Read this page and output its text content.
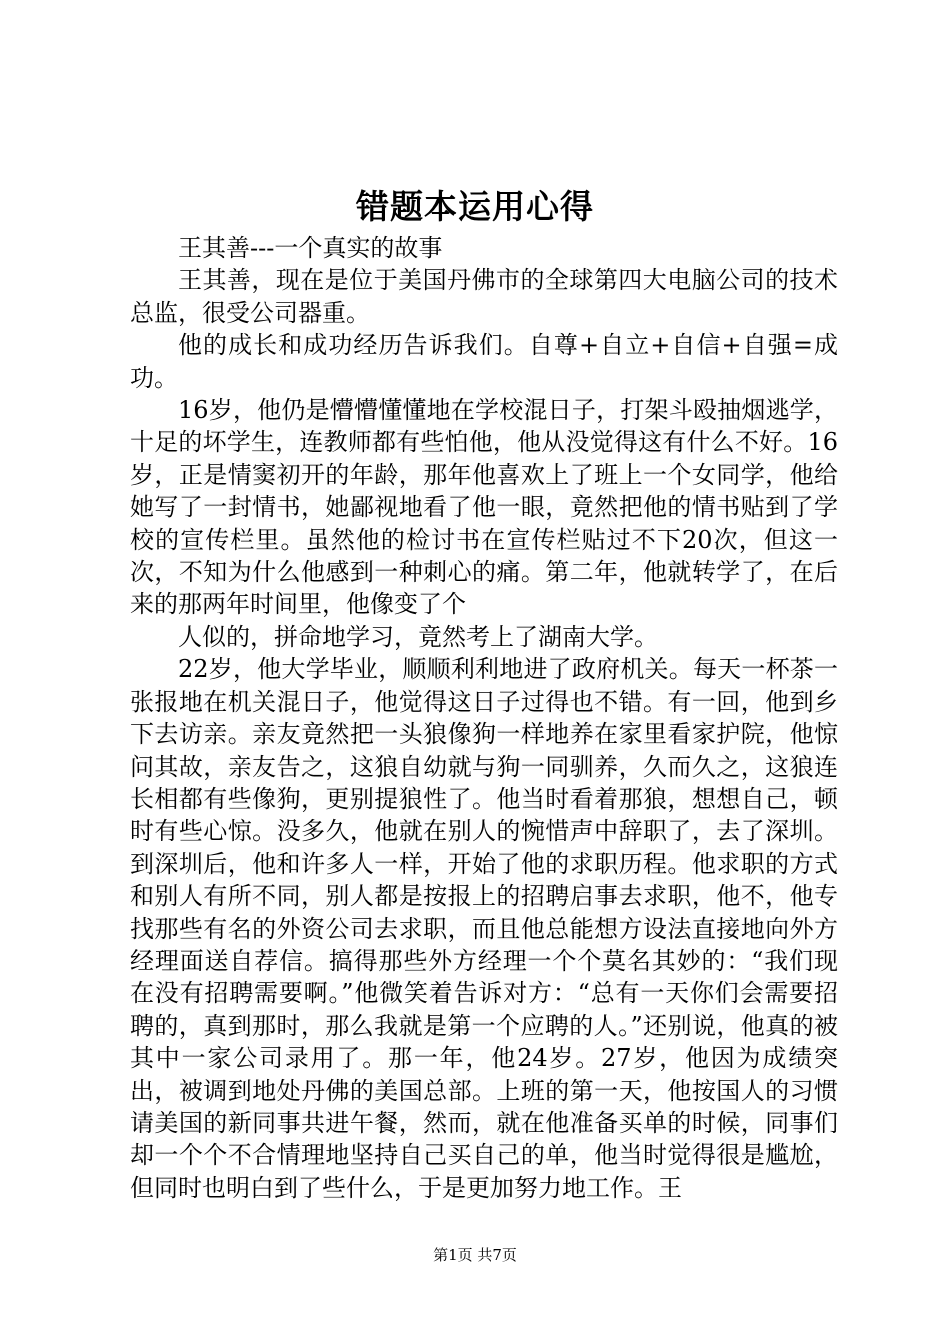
错题本运用心得

王其善---一个真实的故事

王其善，现在是位于美国丹佛市的全球第四大电脑公司的技术总监，很受公司器重。

他的成长和成功经历告诉我们。自尊+自立+自信+自强=成功。

16岁，他仍是懵懵懂懂地在学校混日子，打架斗殴抽烟逃学，十足的坏学生，连教师都有些怕他，他从没觉得这有什么不好。16岁，正是情窦初开的年龄，那年他喜欢上了班上一个女同学，他给她写了一封情书，她鄙视地看了他一眼，竟然把他的情书贴到了学校的宣传栏里。虽然他的检讨书在宣传栏贴过不下20次，但这一次，不知为什么他感到一种刺心的痛。第二年，他就转学了，在后来的那两年时间里，他像变了个

人似的，拼命地学习，竟然考上了湖南大学。

22岁，他大学毕业，顺顺利利地进了政府机关。每天一杯茶一张报地在机关混日子，他觉得这日子过得也不错。有一回，他到乡下去访亲。亲友竟然把一头狼像狗一样地养在家里看家护院，他惊问其故，亲友告之，这狼自幼就与狗一同驯养，久而久之，这狼连长相都有些像狗，更别提狼性了。他当时看着那狼，想想自己，顿时有些心惊。没多久，他就在别人的惋惜声中辞职了，去了深圳。到深圳后，他和许多人一样，开始了他的求职历程。他求职的方式和别人有所不同，别人都是按报上的招聘启事去求职，他不，他专找那些有名的外资公司去求职，而且他总能想方设法直接地向外方经理面送自荐信。搞得那些外方经理一个个莫名其妙的：“我们现在没有招聘需要啊。”他微笑着告诉对方：“总有一天你们会需要招聘的，真到那时，那么我就是第一个应聘的人。”还别说，他真的被其中一家公司录用了。那一年，他24岁。27岁，他因为成绩突出，被调到地处丹佛的美国总部。上班的第一天，他按国人的习惯请美国的新同事共进午餐，然而，就在他准备买单的时候，同事们却一个个不合情理地坚持自己买自己的单，他当时觉得很是尴尬，但同时也明白到了些什么，于是更加努力地工作。王

第1页 共7页
